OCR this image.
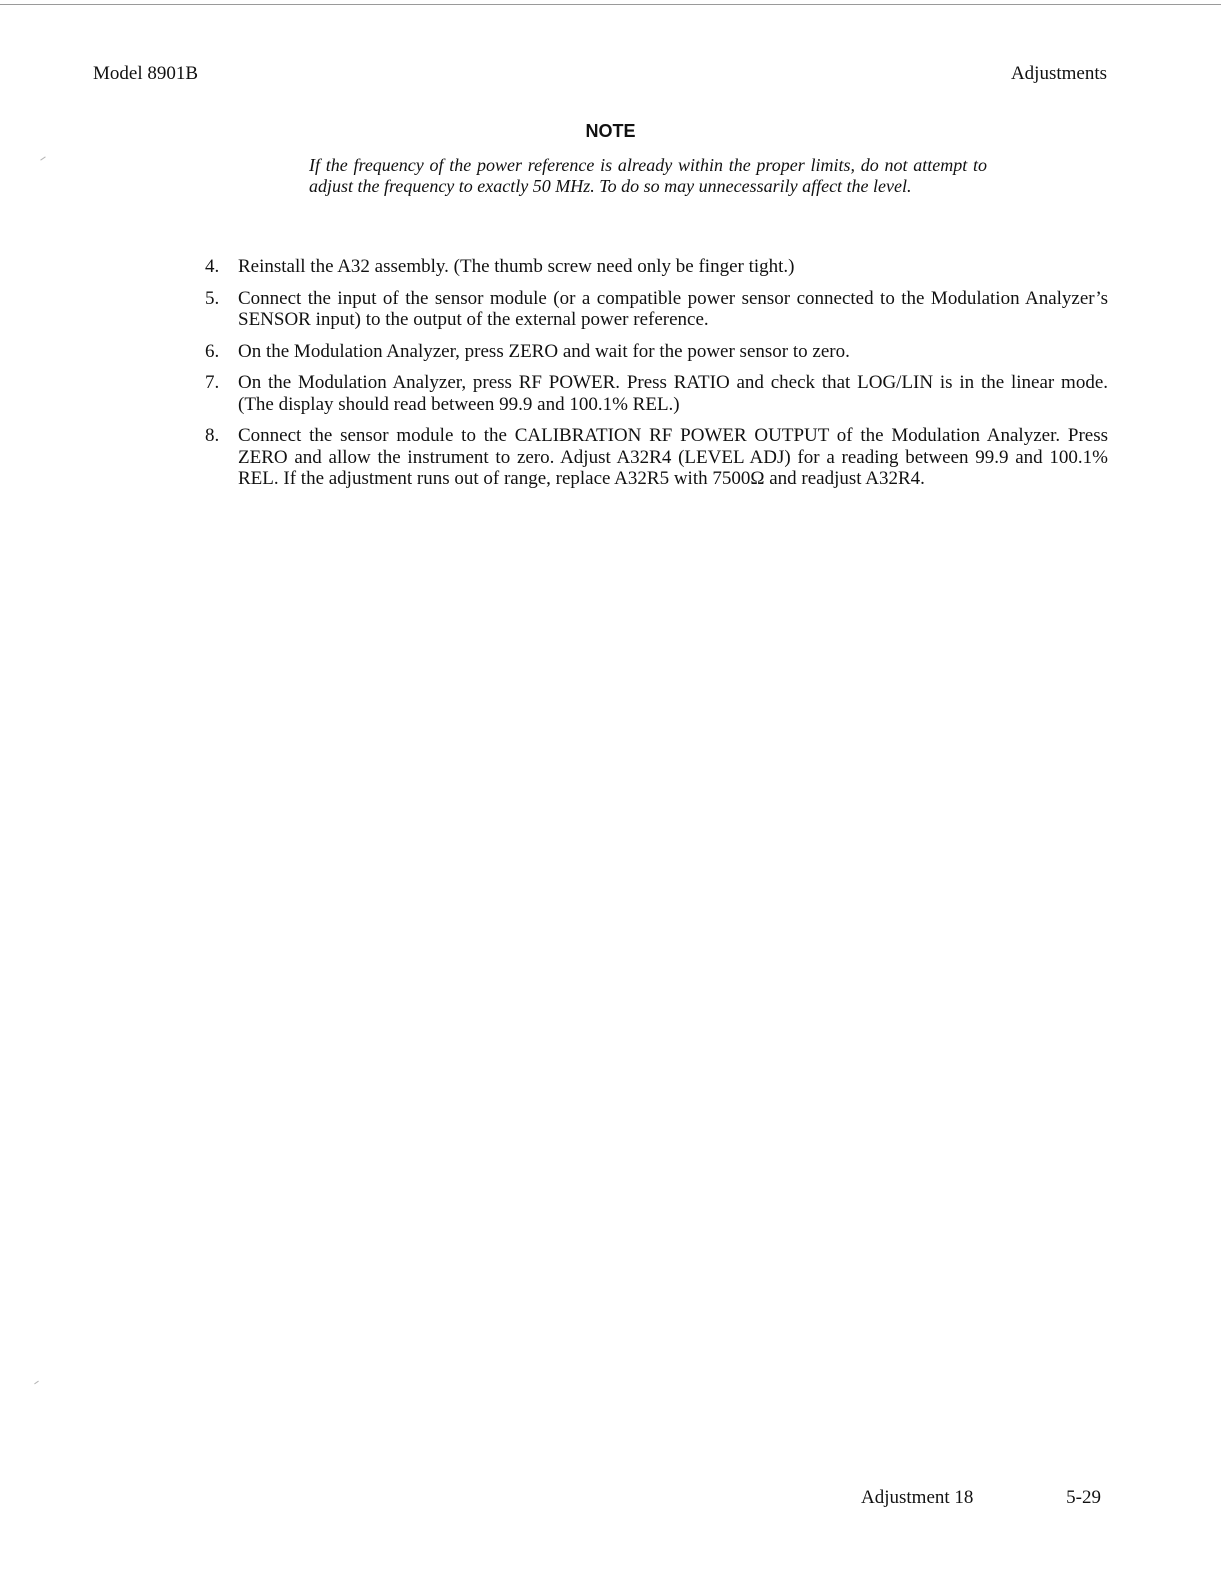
Model 8901B	Adjustments
NOTE
If the frequency of the power reference is already within the proper limits, do not attempt to adjust the frequency to exactly 50 MHz. To do so may unnecessarily affect the level.
4. Reinstall the A32 assembly. (The thumb screw need only be finger tight.)
5. Connect the input of the sensor module (or a compatible power sensor connected to the Modulation Analyzer’s SENSOR input) to the output of the external power reference.
6. On the Modulation Analyzer, press ZERO and wait for the power sensor to zero.
7. On the Modulation Analyzer, press RF POWER. Press RATIO and check that LOG/LIN is in the linear mode. (The display should read between 99.9 and 100.1% REL.)
8. Connect the sensor module to the CALIBRATION RF POWER OUTPUT of the Modulation Analyzer. Press ZERO and allow the instrument to zero. Adjust A32R4 (LEVEL ADJ) for a reading between 99.9 and 100.1% REL. If the adjustment runs out of range, replace A32R5 with 7500Ω and readjust A32R4.
Adjustment 18	5-29
